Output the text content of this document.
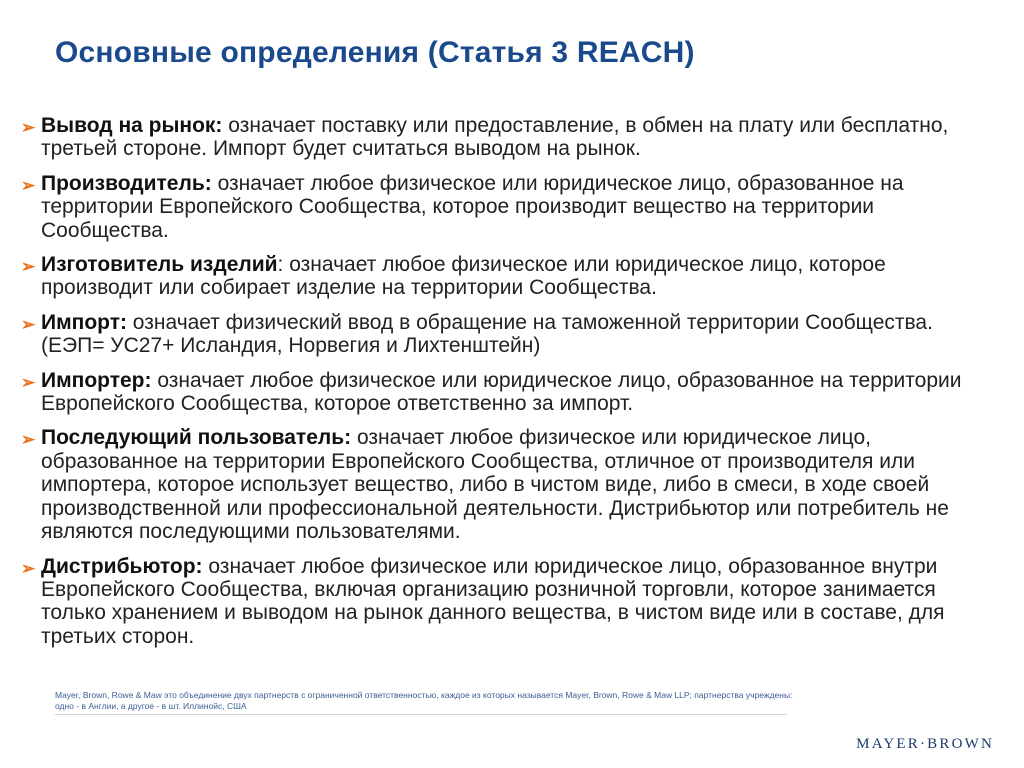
Основные определения (Статья 3 REACH)
➢ Вывод на рынок: означает поставку или предоставление, в обмен на плату или бесплатно, третьей стороне. Импорт будет считаться выводом на рынок.
➢ Производитель: означает любое физическое или юридическое лицо, образованное на территории Европейского Сообщества, которое производит вещество на территории Сообщества.
➢ Изготовитель изделий: означает любое физическое или юридическое лицо, которое производит или собирает изделие на территории Сообщества.
➢ Импорт: означает физический ввод в обращение на таможенной территории Сообщества. (ЕЭП= УС27+ Исландия, Норвегия и Лихтенштейн)
➢ Импортер: означает любое физическое или юридическое лицо, образованное на территории Европейского Сообщества, которое ответственно за импорт.
➢ Последующий пользователь: означает любое физическое или юридическое лицо, образованное на территории Европейского Сообщества, отличное от производителя или импортера, которое использует вещество, либо в чистом виде, либо в смеси, в ходе своей производственной или профессиональной деятельности. Дистрибьютор или потребитель не являются последующими пользователями.
➢ Дистрибьютор: означает любое физическое или юридическое лицо, образованное внутри Европейского Сообщества, включая организацию розничной торговли, которое занимается только хранением и выводом на рынок данного вещества, в чистом виде или в составе, для третьих сторон.
Mayer, Brown, Rowe & Maw это объединение двух партнерств с ограниченной ответственностью, каждое из которых называется Mayer, Brown, Rowe & Maw LLP; партнерства учреждены:
одно - в Англии, а другое - в шт. Иллинойс, США
MAYER·BROWN
